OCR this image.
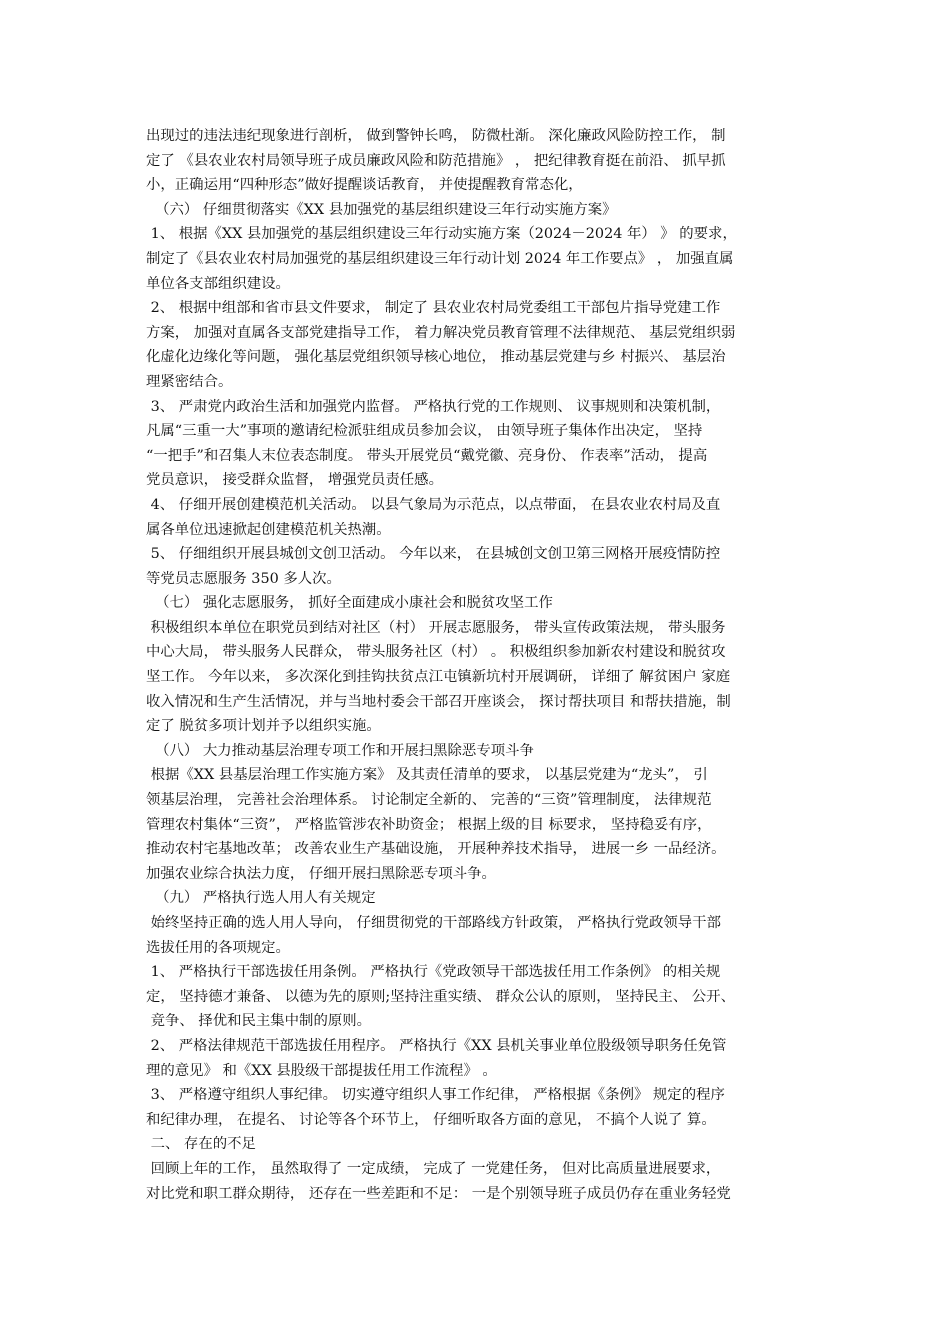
出现过的违法违纪现象进行剖析， 做到警钟长鸣， 防微杜渐。 深化廉政风险防控工作， 制
定了 《县农业农村局领导班子成员廉政风险和防范措施》 ， 把纪律教育挺在前沿、 抓早抓
小，正确运用“四种形态”做好提醒谈话教育， 并使提醒教育常态化，
（六） 仔细贯彻落实《XX 县加强党的基层组织建设三年行动实施方案》
1、 根据《XX 县加强党的基层组织建设三年行动实施方案（2024－2024 年） 》 的要求，
制定了《县农业农村局加强党的基层组织建设三年行动计划 2024 年工作要点》 ， 加强直属
单位各支部组织建设。
2、 根据中组部和省市县文件要求， 制定了 县农业农村局党委组工干部包片指导党建工作
方案， 加强对直属各支部党建指导工作， 着力解决党员教育管理不法律规范、 基层党组织弱
化虚化边缘化等问题， 强化基层党组织领导核心地位， 推动基层党建与乡 村振兴、 基层治
理紧密结合。
3、 严肃党内政治生活和加强党内监督。 严格执行党的工作规则、 议事规则和决策机制，
凡属“三重一大”事项的邀请纪检派驻组成员参加会议， 由领导班子集体作出决定， 坚持
“一把手”和召集人末位表态制度。 带头开展党员“戴党徽、亮身份、 作表率”活动， 提高
党员意识， 接受群众监督， 增强党员责任感。
4、 仔细开展创建模范机关活动。 以县气象局为示范点，以点带面， 在县农业农村局及直
属各单位迅速掀起创建模范机关热潮。
5、 仔细组织开展县城创文创卫活动。 今年以来， 在县城创文创卫第三网格开展疫情防控
等党员志愿服务 350 多人次。
（七） 强化志愿服务， 抓好全面建成小康社会和脱贫攻坚工作
积极组织本单位在职党员到结对社区（村） 开展志愿服务， 带头宣传政策法规， 带头服务
中心大局， 带头服务人民群众， 带头服务社区（村） 。 积极组织参加新农村建设和脱贫攻
坚工作。 今年以来， 多次深化到挂钩扶贫点江屯镇新坑村开展调研， 详细了 解贫困户 家庭
收入情况和生产生活情况，并与当地村委会干部召开座谈会， 探讨帮扶项目 和帮扶措施，制
定了 脱贫多项计划并予以组织实施。
（八） 大力推动基层治理专项工作和开展扫黑除恶专项斗争
根据《XX 县基层治理工作实施方案》 及其责任清单的要求， 以基层党建为“龙头”， 引
领基层治理， 完善社会治理体系。 讨论制定全新的、 完善的“三资”管理制度， 法律规范
管理农村集体“三资”， 严格监管涉农补助资金； 根据上级的目 标要求， 坚持稳妥有序，
推动农村宅基地改革； 改善农业生产基础设施， 开展种养技术指导， 进展一乡 一品经济。
加强农业综合执法力度， 仔细开展扫黑除恶专项斗争。
（九） 严格执行选人用人有关规定
始终坚持正确的选人用人导向， 仔细贯彻党的干部路线方针政策， 严格执行党政领导干部
选拔任用的各项规定。
1、 严格执行干部选拔任用条例。 严格执行《党政领导干部选拔任用工作条例》 的相关规
定， 坚持德才兼备、 以德为先的原则;坚持注重实绩、 群众公认的原则， 坚持民主、 公开、
竞争、 择优和民主集中制的原则。
2、 严格法律规范干部选拔任用程序。 严格执行《XX 县机关事业单位股级领导职务任免管
理的意见》 和《XX 县股级干部提拔任用工作流程》 。
3、 严格遵守组织人事纪律。 切实遵守组织人事工作纪律， 严格根据《条例》 规定的程序
和纪律办理， 在提名、 讨论等各个环节上， 仔细听取各方面的意见， 不搞个人说了 算。
二、 存在的不足
回顾上年的工作， 虽然取得了 一定成绩， 完成了 一党建任务， 但对比高质量进展要求，
对比党和职工群众期待， 还存在一些差距和不足： 一是个别领导班子成员仍存在重业务轻党
